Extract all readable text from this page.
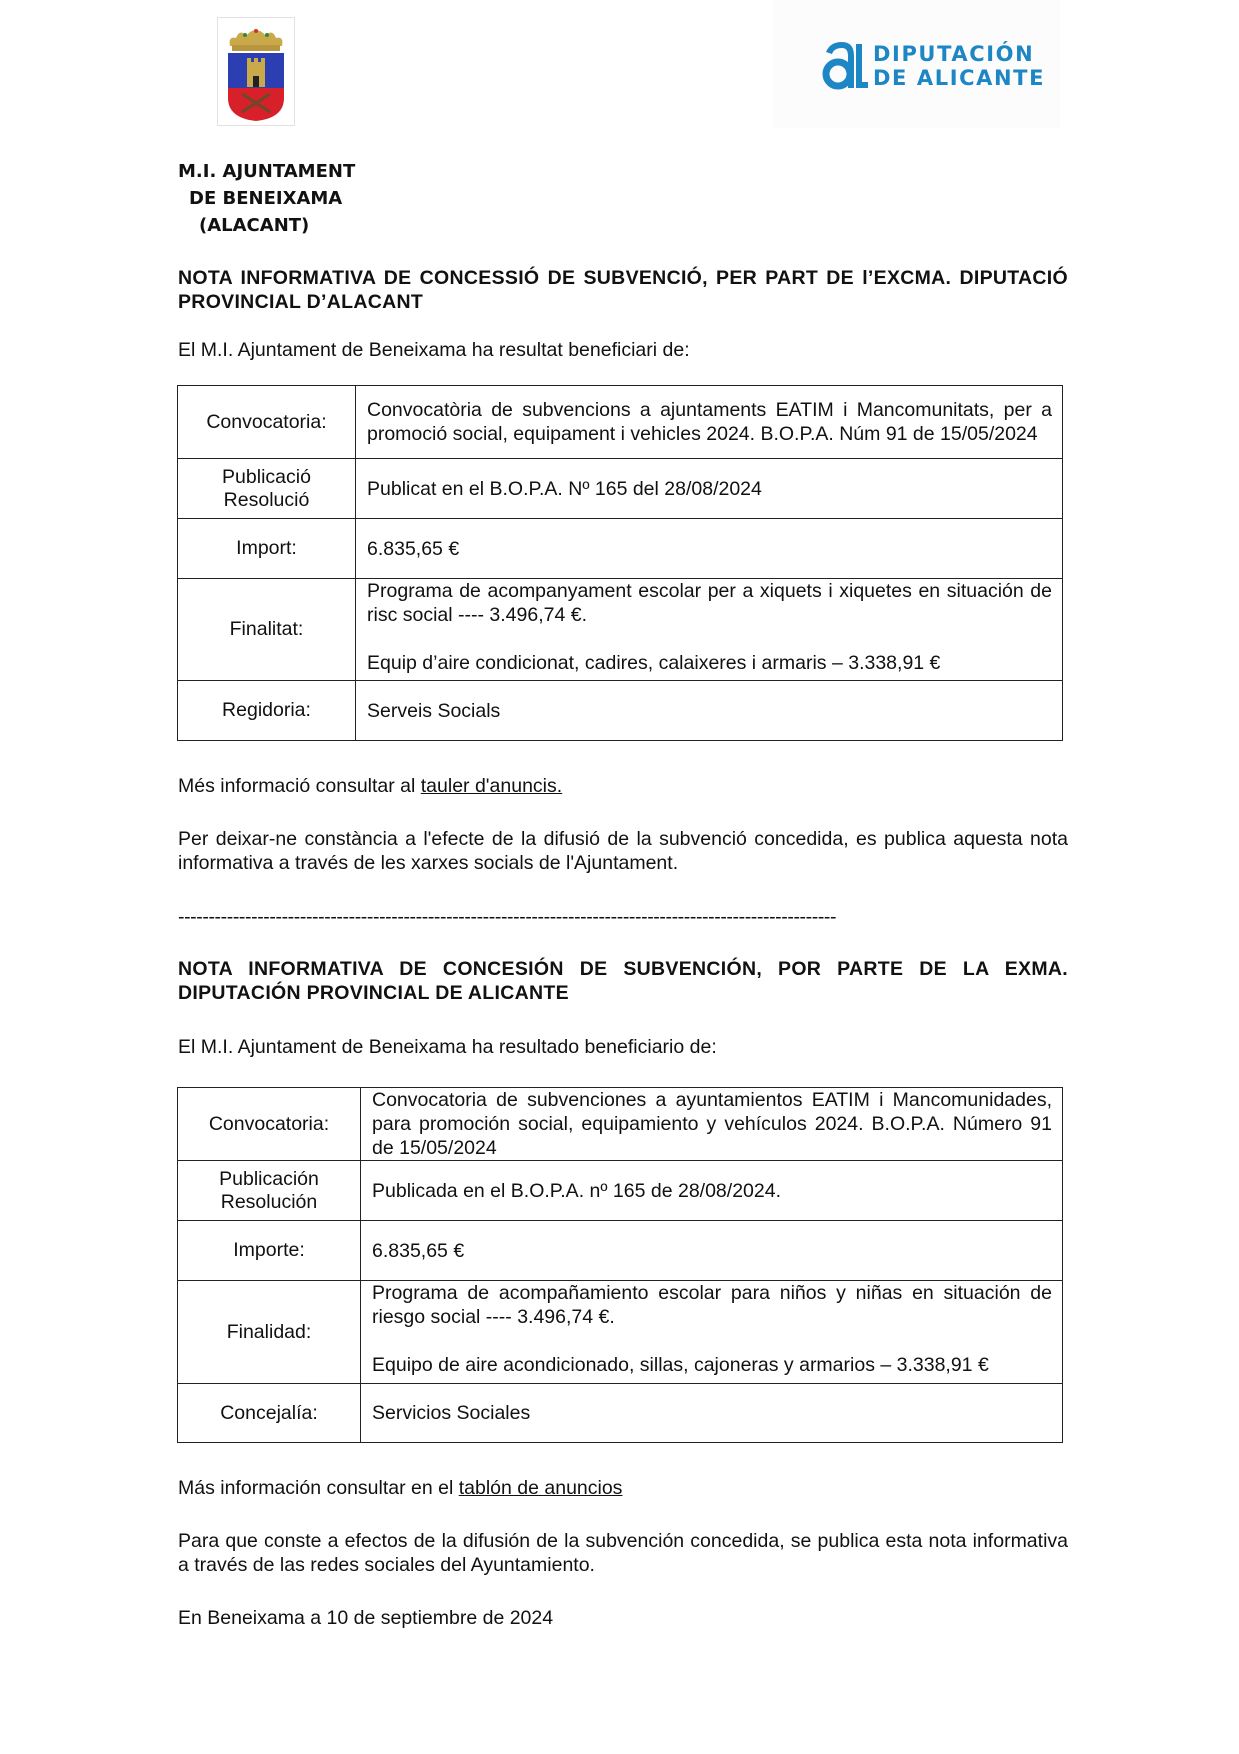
DIPUTACIÓN
DE ALICANTE
M.I. AJUNTAMENT
DE BENEIXAMA
(ALACANT)
NOTA INFORMATIVA DE CONCESSIÓ DE SUBVENCIÓ, PER PART DE l’EXCMA. DIPUTACIÓ PROVINCIAL D’ALACANT
El M.I. Ajuntament de Beneixama ha resultat beneficiari de:
Convocatoria:	Convocatòria de subvencions a ajuntaments EATIM i Mancomunitats, per a promoció social, equipament i vehicles 2024. B.O.P.A. Núm 91 de 15/05/2024
Publicació Resolució	Publicat en el B.O.P.A. Nº 165 del 28/08/2024
Import:	6.835,65 €
Finalitat:	Programa de acompanyament escolar per a xiquets i xiquetes en situación de risc social ---- 3.496,74 €.
Equip d’aire condicionat, cadires, calaixeres i armaris – 3.338,91 €

Regidoria:	Serveis Socials
Més informació consultar al tauler d'anuncis.
Per deixar-ne constància a l'efecte de la difusió de la subvenció concedida, es publica aquesta nota informativa a través de les xarxes socials de l'Ajuntament.
------------------------------------------------------------------------------------------------------------
NOTA INFORMATIVA DE CONCESIÓN DE SUBVENCIÓN, POR PARTE DE LA EXMA. DIPUTACIÓN PROVINCIAL DE ALICANTE
El M.I. Ajuntament de Beneixama ha resultado beneficiario de:
Convocatoria:	Convocatoria de subvenciones a ayuntamientos EATIM i Mancomunidades, para promoción social, equipamiento y vehículos 2024. B.O.P.A. Número 91 de 15/05/2024
Publicación Resolución	Publicada en el B.O.P.A. nº 165 de 28/08/2024.
Importe:	6.835,65 €
Finalidad:	Programa de acompañamiento escolar para niños y niñas en situación de riesgo social ---- 3.496,74 €.
Equipo de aire acondicionado, sillas, cajoneras y armarios – 3.338,91 €

Concejalía:	Servicios Sociales
Más información consultar en el tablón de anuncios
Para que conste a efectos de la difusión de la subvención concedida, se publica esta nota informativa a través de las redes sociales del Ayuntamiento.
En Beneixama a 10 de septiembre de 2024
